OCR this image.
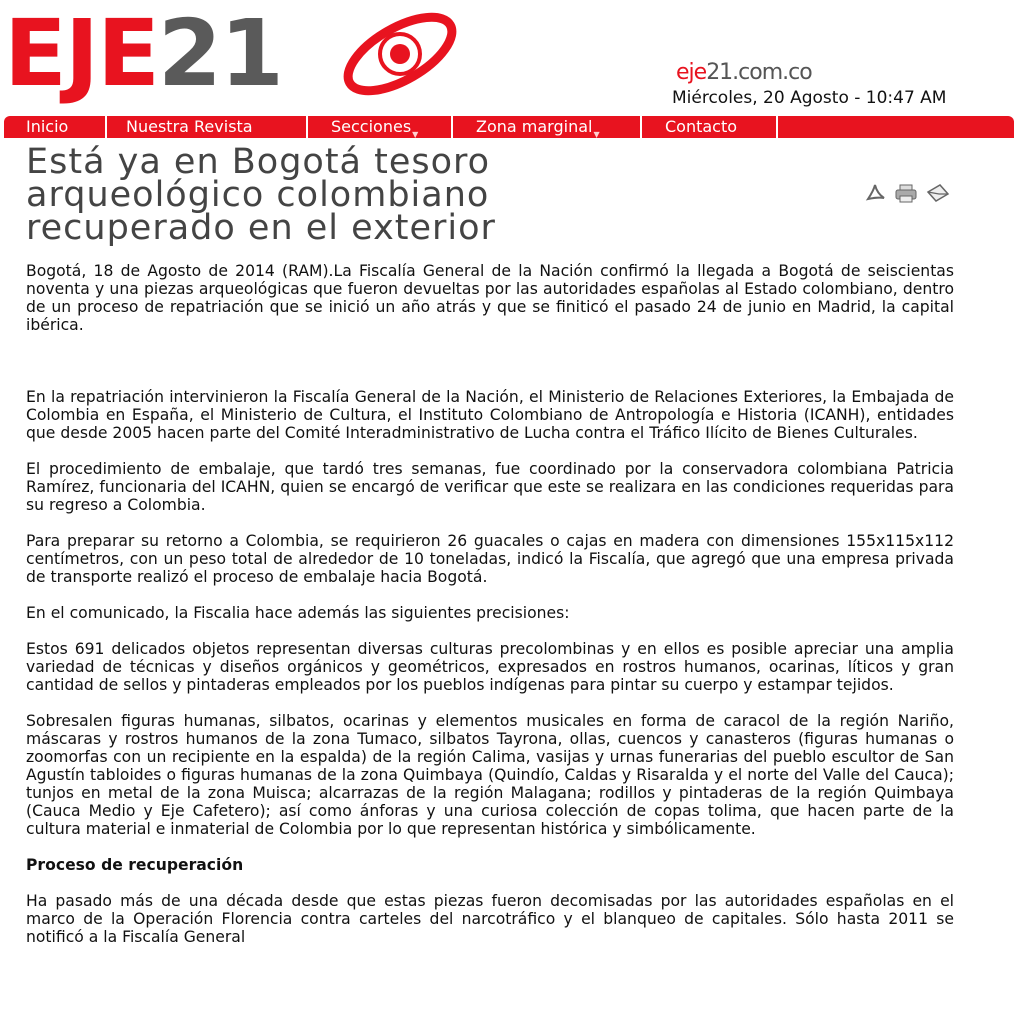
EJE21	eje21.com.co
Miércoles, 20 Agosto - 10:47 AM
Inicio	Nuestra Revista	Secciones▼	Zona marginal▼	Contacto
Está ya en Bogotá tesoro arqueológico colombiano recuperado en el exterior

Bogotá, 18 de Agosto de 2014 (RAM).La Fiscalía General de la Nación confirmó la llegada a Bogotá de seiscientas noventa y una piezas arqueológicas que fueron devueltas por las autoridades españolas al Estado colombiano, dentro de un proceso de repatriación que se inició un año atrás y que se finiticó el pasado 24 de junio en Madrid, la capital ibérica.

En la repatriación intervinieron la Fiscalía General de la Nación, el Ministerio de Relaciones Exteriores, la Embajada de Colombia en España, el Ministerio de Cultura, el Instituto Colombiano de Antropología e Historia (ICANH), entidades que desde 2005 hacen parte del Comité Interadministrativo de Lucha contra el Tráfico Ilícito de Bienes Culturales.

El procedimiento de embalaje, que tardó tres semanas, fue coordinado por la conservadora colombiana Patricia Ramírez, funcionaria del ICAHN, quien se encargó de verificar que este se realizara en las condiciones requeridas para su regreso a Colombia.

Para preparar su retorno a Colombia, se requirieron 26 guacales o cajas en madera con dimensiones 155x115x112 centímetros, con un peso total de alrededor de 10 toneladas, indicó la Fiscalía, que agregó que una empresa privada de transporte realizó el proceso de embalaje hacia Bogotá.

En el comunicado, la Fiscalia hace además las siguientes precisiones:

Estos 691 delicados objetos representan diversas culturas precolombinas y en ellos es posible apreciar una amplia variedad de técnicas y diseños orgánicos y geométricos, expresados en rostros humanos, ocarinas, líticos y gran cantidad de sellos y pintaderas empleados por los pueblos indígenas para pintar su cuerpo y estampar tejidos.

Sobresalen figuras humanas, silbatos, ocarinas y elementos musicales en forma de caracol de la región Nariño, máscaras y rostros humanos de la zona Tumaco, silbatos Tayrona, ollas, cuencos y canasteros (figuras humanas o zoomorfas con un recipiente en la espalda) de la región Calima, vasijas y urnas funerarias del pueblo escultor de San Agustín tabloides o figuras humanas de la zona Quimbaya (Quindío, Caldas y Risaralda y el norte del Valle del Cauca); tunjos en metal de la zona Muisca; alcarrazas de la región Malagana; rodillos y pintaderas de la región Quimbaya (Cauca Medio y Eje Cafetero); así como ánforas y una curiosa colección de copas tolima, que hacen parte de la cultura material e inmaterial de Colombia por lo que representan histórica y simbólicamente.

Proceso de recuperación

Ha pasado más de una década desde que estas piezas fueron decomisadas por las autoridades españolas en el marco de la Operación Florencia contra carteles del narcotráfico y el blanqueo de capitales. Sólo hasta 2011 se notificó a la Fiscalía General
